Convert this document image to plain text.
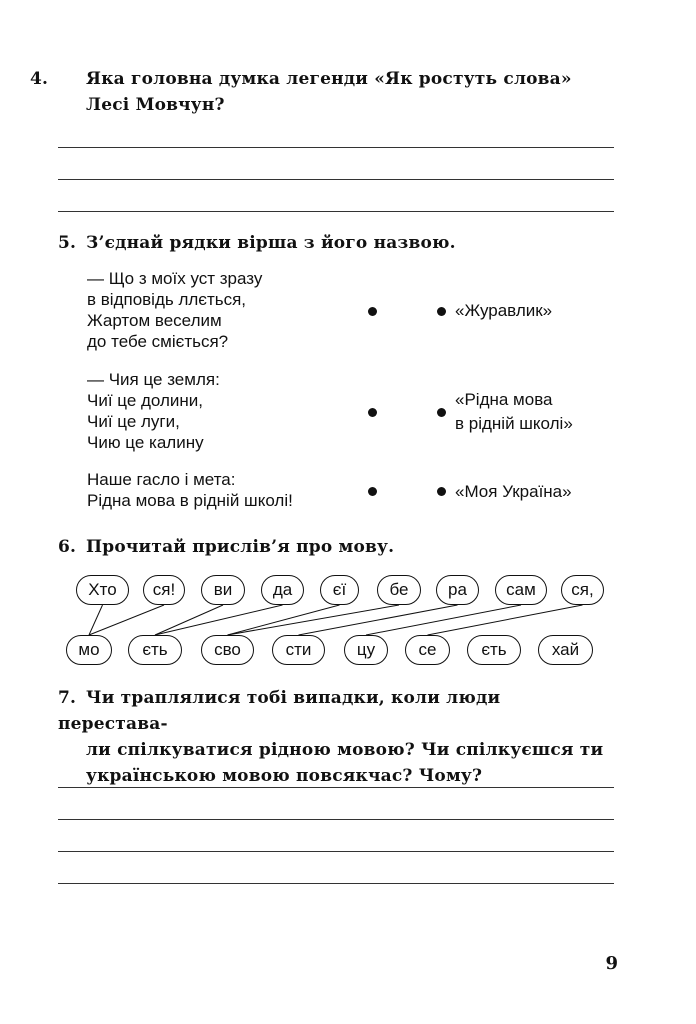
4. Яка головна думка легенди «Як ростуть слова» Лесі Мовчун?
5. З’єднай рядки вірша з його назвою.
— Що з моїх уст зразу
в відповідь ллється,
Жартом веселим
до тебе сміється?
— Чия це земля:
Чиї це долини,
Чиї це луги,
Чию це калину
Наше гасло і мета:
Рідна мова в рідній школі!
«Журавлик»
«Рідна мова
в рідній школі»
«Моя Україна»
6. Прочитай прислів’я про мову.
Хто	ся!	ви	да	єї	бе	ра	сам	ся,
мо	єть	сво	сти	цу	се	єть	хай
7. Чи траплялися тобі випадки, коли люди переставa-
ли спілкуватися рідною мовою? Чи спілкуєшся ти
українською мовою повсякчас? Чому?
9
